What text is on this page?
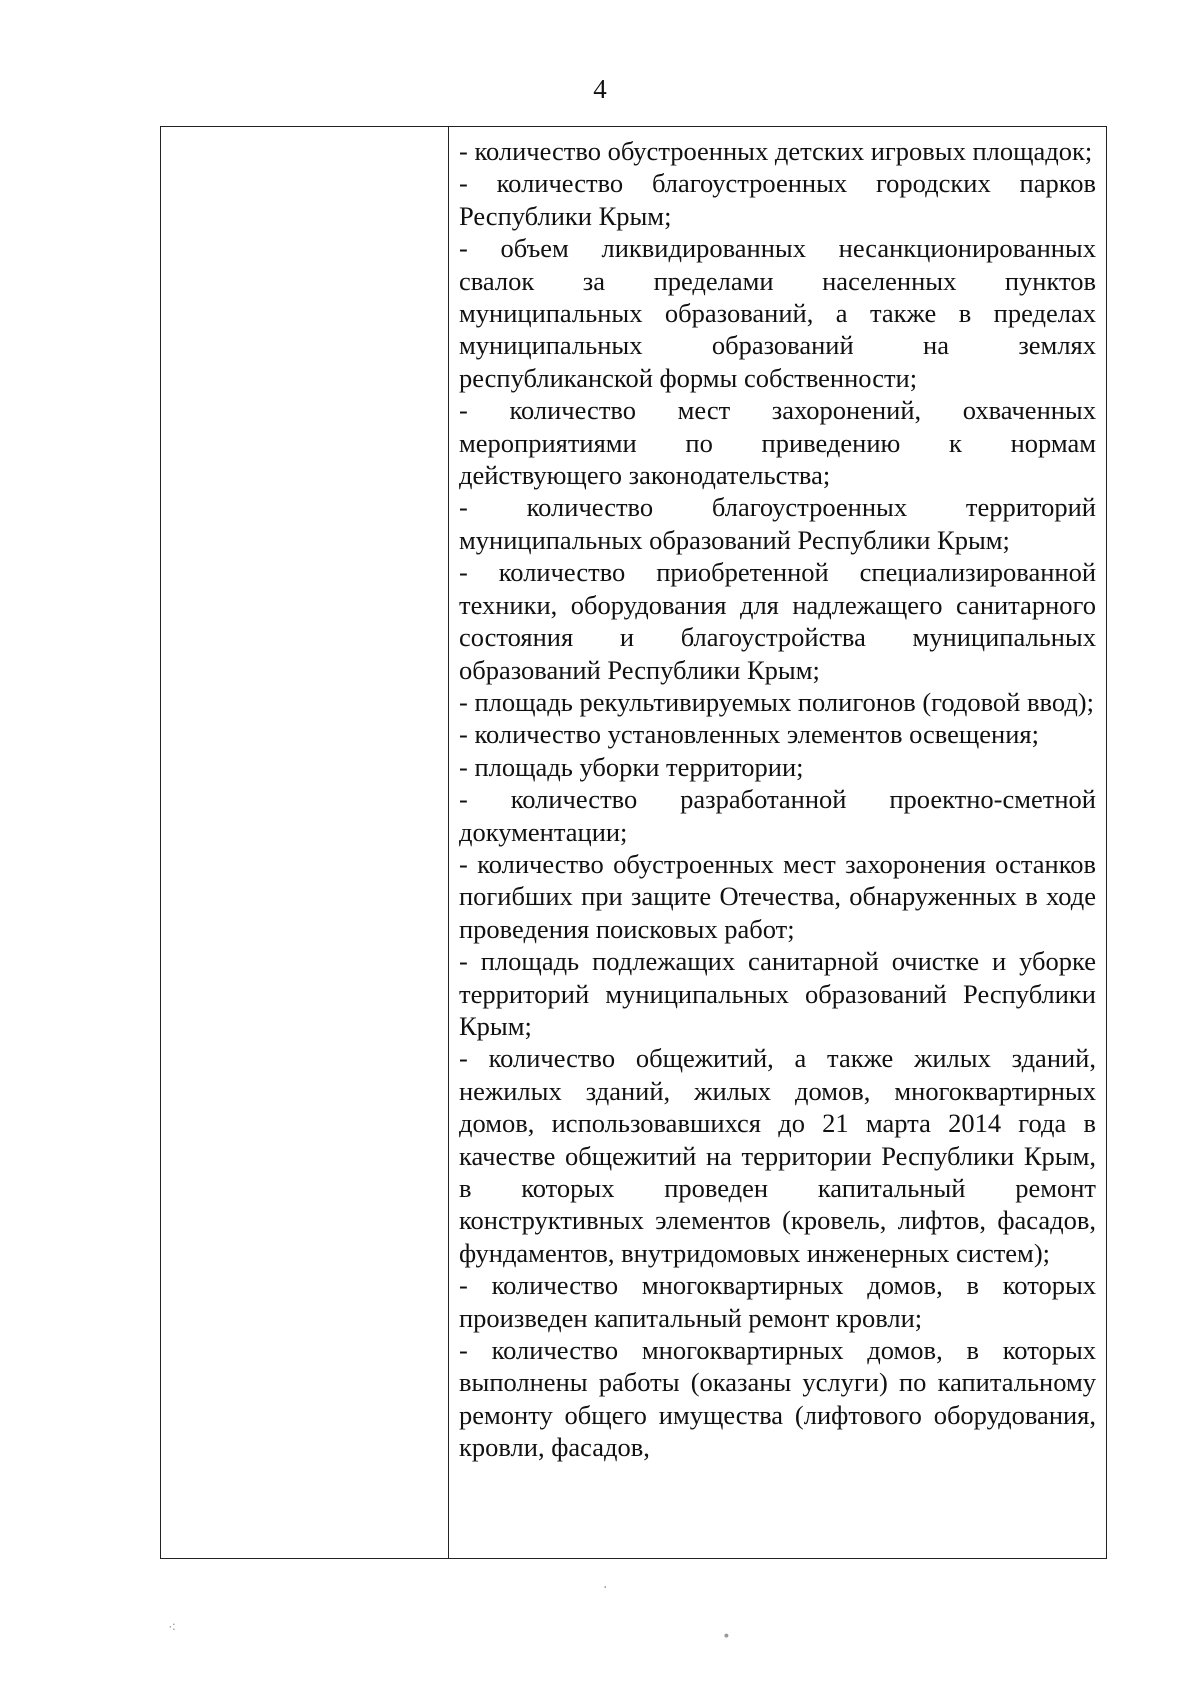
4

- количество обустроенных детских игровых площадок;

- количество благоустроенных городских парков Республики Крым;

- объем ликвидированных несанкционированных свалок за пределами населенных пунктов муниципальных образований, а также в пределах муниципальных образований на землях республиканской формы собственности;

- количество мест захоронений, охваченных мероприятиями по приведению к нормам действующего законодательства;

- количество благоустроенных территорий муниципальных образований Республики Крым;

- количество приобретенной специализированной техники, оборудования для надлежащего санитарного состояния и благоустройства муниципальных образований Республики Крым;

- площадь рекультивируемых полигонов (годовой ввод);

- количество установленных элементов освещения;

- площадь уборки территории;

- количество разработанной проектно-сметной документации;

- количество обустроенных мест захоронения останков погибших при защите Отечества, обнаруженных в ходе проведения поисковых работ;

- площадь подлежащих санитарной очистке и уборке территорий муниципальных образований Республики Крым;

- количество общежитий, а также жилых зданий, нежилых зданий, жилых домов, многоквартирных домов, использовавшихся до 21 марта 2014 года в качестве общежитий на территории Республики Крым, в которых проведен капитальный ремонт конструктивных элементов (кровель, лифтов, фасадов, фундаментов, внутридомовых инженерных систем);

- количество многоквартирных домов, в которых произведен капитальный ремонт кровли;

- количество многоквартирных домов, в которых выполнены работы (оказаны услуги) по капитальному ремонту общего имущества (лифтового оборудования, кровли, фасадов,

⁖
·
∙
